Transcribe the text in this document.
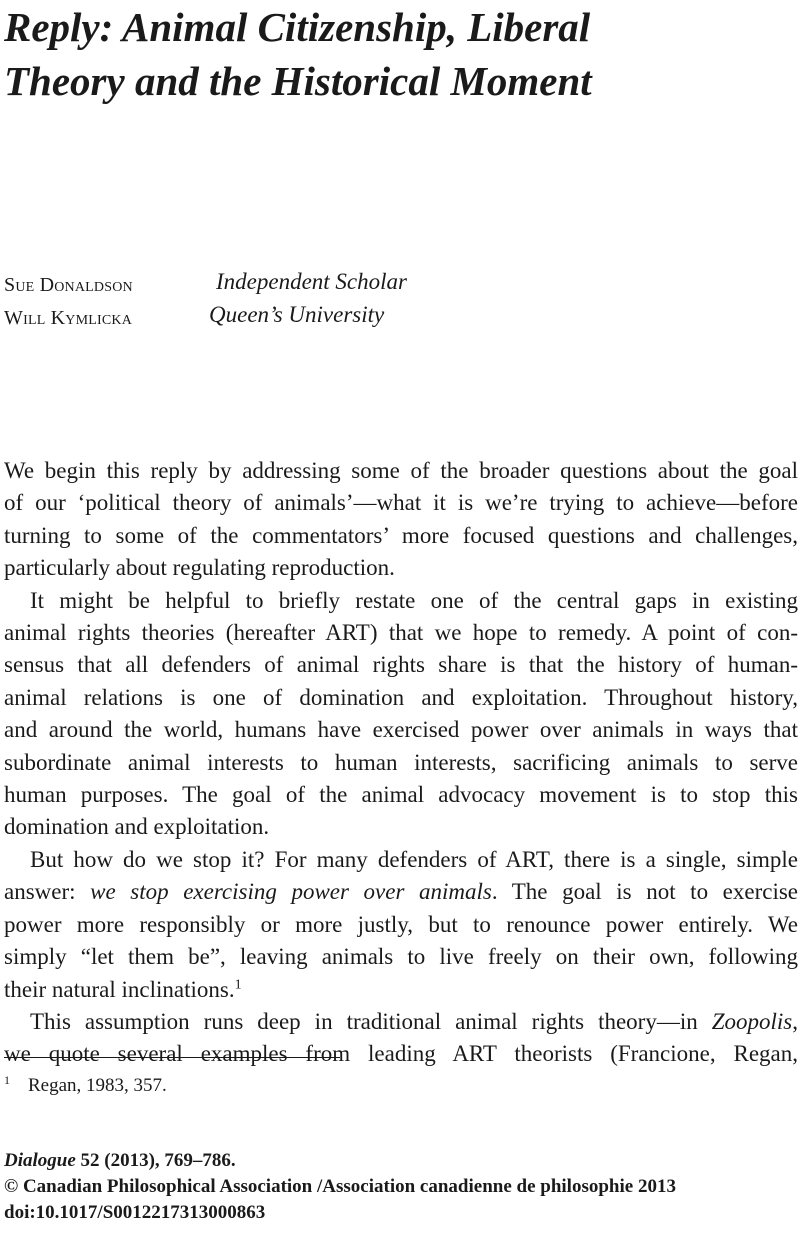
Reply: Animal Citizenship, Liberal
Theory and the Historical Moment
Sue Donaldson	Independent Scholar
Will Kymlicka	Queen’s University

We begin this reply by addressing some of the broader questions about the goal
of our ‘political theory of animals’—what it is we’re trying to achieve—before
turning to some of the commentators’ more focused questions and challenges,
particularly about regulating reproduction.

It might be helpful to briefly restate one of the central gaps in existing
animal rights theories (hereafter ART) that we hope to remedy. A point of con-
sensus that all defenders of animal rights share is that the history of human-
animal relations is one of domination and exploitation. Throughout history,
and around the world, humans have exercised power over animals in ways that
subordinate animal interests to human interests, sacrificing animals to serve
human purposes. The goal of the animal advocacy movement is to stop this
domination and exploitation.

But how do we stop it? For many defenders of ART, there is a single, simple
answer: we stop exercising power over animals. The goal is not to exercise
power more responsibly or more justly, but to renounce power entirely. We
simply “let them be”, leaving animals to live freely on their own, following
their natural inclinations.$^1$

This assumption runs deep in traditional animal rights theory—in Zoopolis,
we quote several examples from leading ART theorists (Francione, Regan,

$^1$ Regan, 1983, 357.
Dialogue 52 (2013), 769–786.
© Canadian Philosophical Association /Association canadienne de philosophie 2013
doi:10.1017/S0012217313000863
